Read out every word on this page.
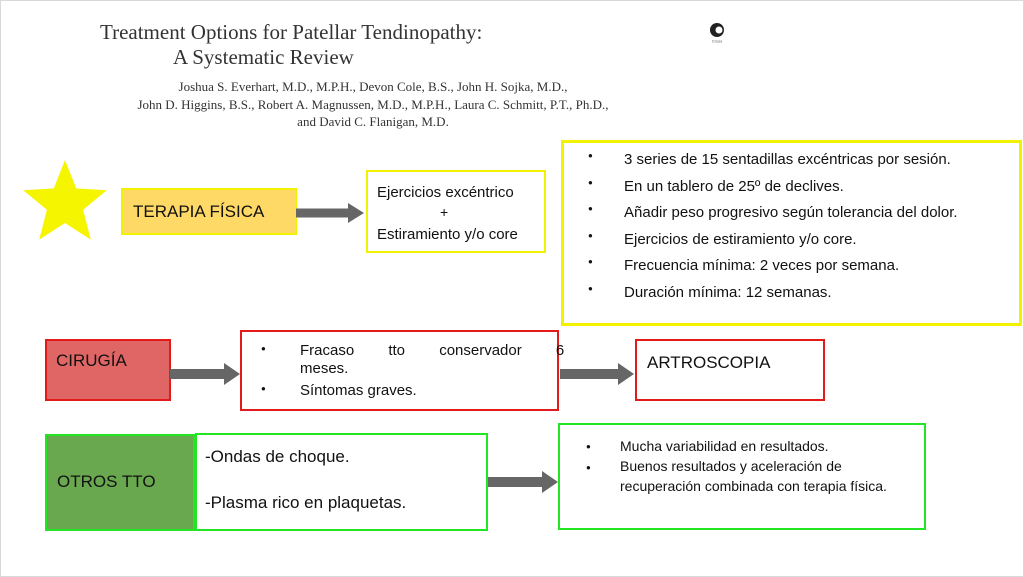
Treatment Options for Patellar Tendinopathy:
A Systematic Review
Cross
Joshua S. Everhart, M.D., M.P.H., Devon Cole, B.S., John H. Sojka, M.D.,
John D. Higgins, B.S., Robert A. Magnussen, M.D., M.P.H., Laura C. Schmitt, P.T., Ph.D.,
and David C. Flanigan, M.D.
TERAPIA FÍSICA
Ejercicios excéntrico
+
Estiramiento y/o core
● 3 series de 15 sentadillas excéntricas por sesión.
● En un tablero de 25º de declives.
● Añadir peso progresivo según tolerancia del dolor.
● Ejercicios de estiramiento y/o core.
● Frecuencia mínima: 2 veces por semana.
● Duración mínima: 12 semanas.
CIRUGÍA
● Fracaso tto conservador 6
meses.
● Síntomas graves.
ARTROSCOPIA
OTROS TTO
-Ondas de choque.
-Plasma rico en plaquetas.
● Mucha variabilidad en resultados.
● Buenos resultados y aceleración de recuperación combinada con terapia física.
